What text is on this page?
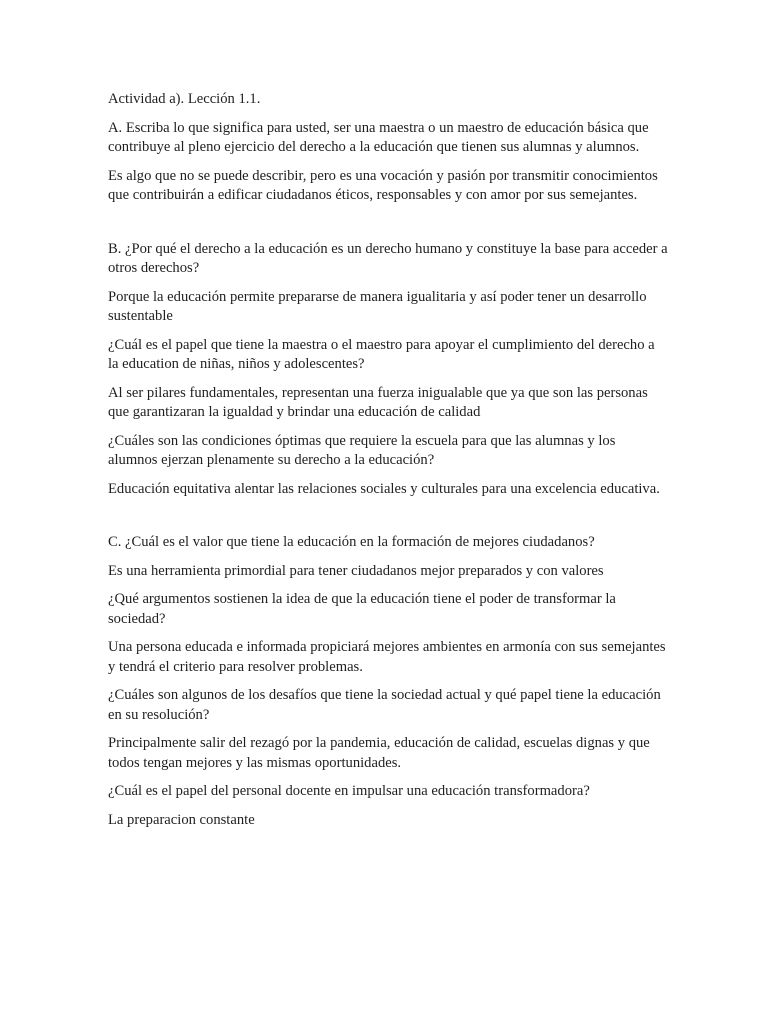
Actividad a). Lección 1.1.

A. Escriba lo que significa para usted, ser una maestra o un maestro de educación básica que contribuye al pleno ejercicio del derecho a la educación que tienen sus alumnas y alumnos.

Es algo que no se puede describir, pero es una vocación y pasión por transmitir conocimientos que contribuirán a edificar ciudadanos éticos, responsables y con amor por sus semejantes.

B. ¿Por qué el derecho a la educación es un derecho humano y constituye la base para acceder a otros derechos?

Porque la educación permite prepararse de manera igualitaria y así poder tener un desarrollo sustentable

¿Cuál es el papel que tiene la maestra o el maestro para apoyar el cumplimiento del derecho a la education de niñas, niños y adolescentes?

Al ser pilares fundamentales, representan una fuerza inigualable que ya que son las personas que garantizaran la igualdad y brindar una educación de calidad

¿Cuáles son las condiciones óptimas que requiere la escuela para que las alumnas y los alumnos ejerzan plenamente su derecho a la educación?

Educación equitativa alentar las relaciones sociales y culturales para una excelencia educativa.

C. ¿Cuál es el valor que tiene la educación en la formación de mejores ciudadanos?

Es una herramienta primordial para tener ciudadanos mejor preparados y con valores

¿Qué argumentos sostienen la idea de que la educación tiene el poder de transformar la sociedad?

Una persona educada e informada propiciará mejores ambientes en armonía con sus semejantes y tendrá el criterio para resolver problemas.

¿Cuáles son algunos de los desafíos que tiene la sociedad actual y qué papel tiene la educación en su resolución?

Principalmente salir del rezagó por la pandemia, educación de calidad, escuelas dignas y que todos tengan mejores y las mismas oportunidades.

¿Cuál es el papel del personal docente en impulsar una educación transformadora?

La preparacion constante
